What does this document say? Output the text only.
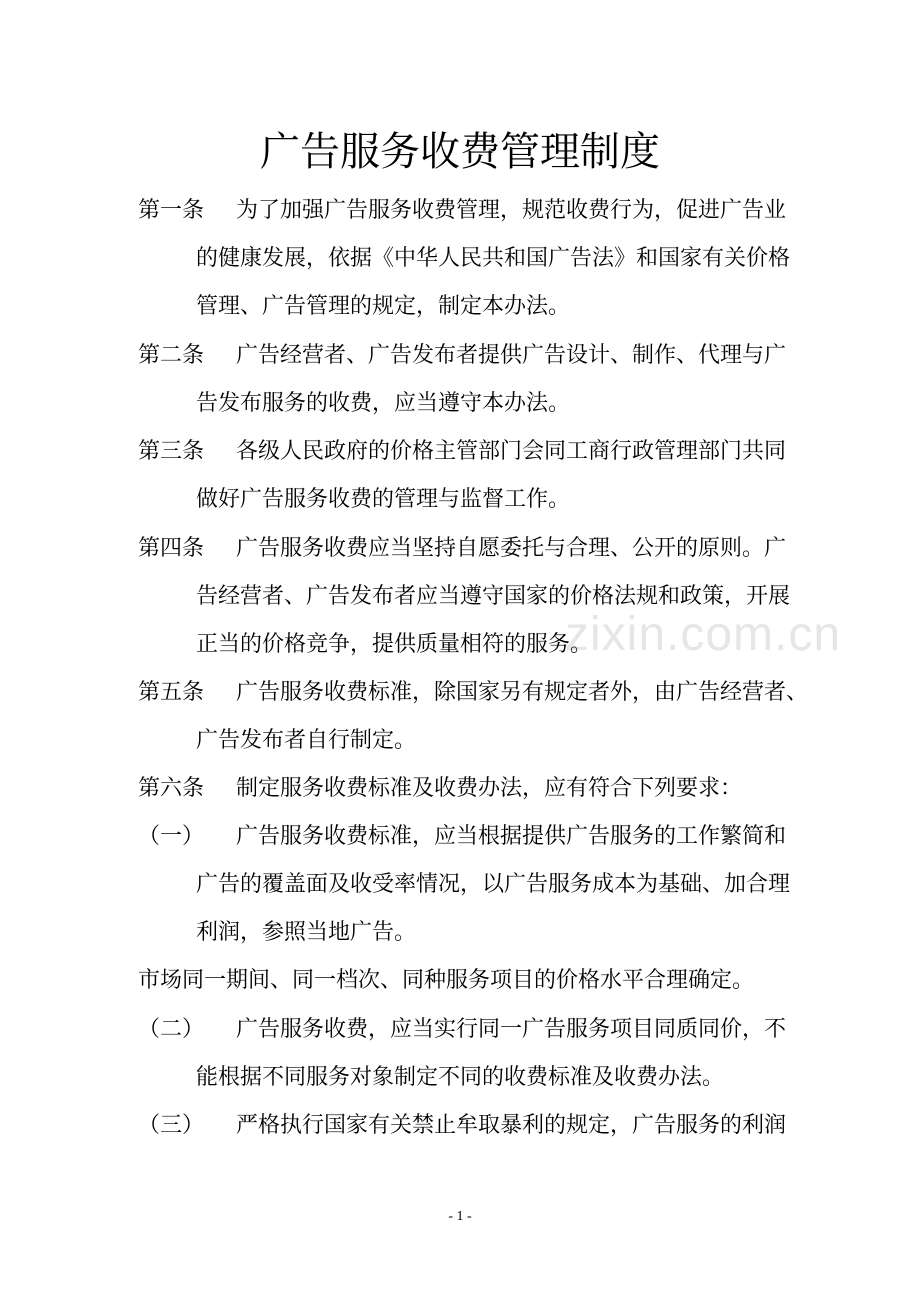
广告服务收费管理制度
zixin.com.cn
第一条 为了加强广告服务收费管理，规范收费行为，促进广告业
的健康发展，依据《中华人民共和国广告法》和国家有关价格
管理、广告管理的规定，制定本办法。
第二条 广告经营者、广告发布者提供广告设计、制作、代理与广
告发布服务的收费，应当遵守本办法。
第三条 各级人民政府的价格主管部门会同工商行政管理部门共同
做好广告服务收费的管理与监督工作。
第四条 广告服务收费应当坚持自愿委托与合理、公开的原则。广
告经营者、广告发布者应当遵守国家的价格法规和政策，开展
正当的价格竞争，提供质量相符的服务。
第五条 广告服务收费标准，除国家另有规定者外，由广告经营者、
广告发布者自行制定。
第六条 制定服务收费标准及收费办法，应有符合下列要求：
（一） 广告服务收费标准，应当根据提供广告服务的工作繁简和
广告的覆盖面及收受率情况，以广告服务成本为基础、加合理
利润，参照当地广告。
市场同一期间、同一档次、同种服务项目的价格水平合理确定。
（二） 广告服务收费，应当实行同一广告服务项目同质同价，不
能根据不同服务对象制定不同的收费标准及收费办法。
（三） 严格执行国家有关禁止牟取暴利的规定，广告服务的利润
- 1 -
